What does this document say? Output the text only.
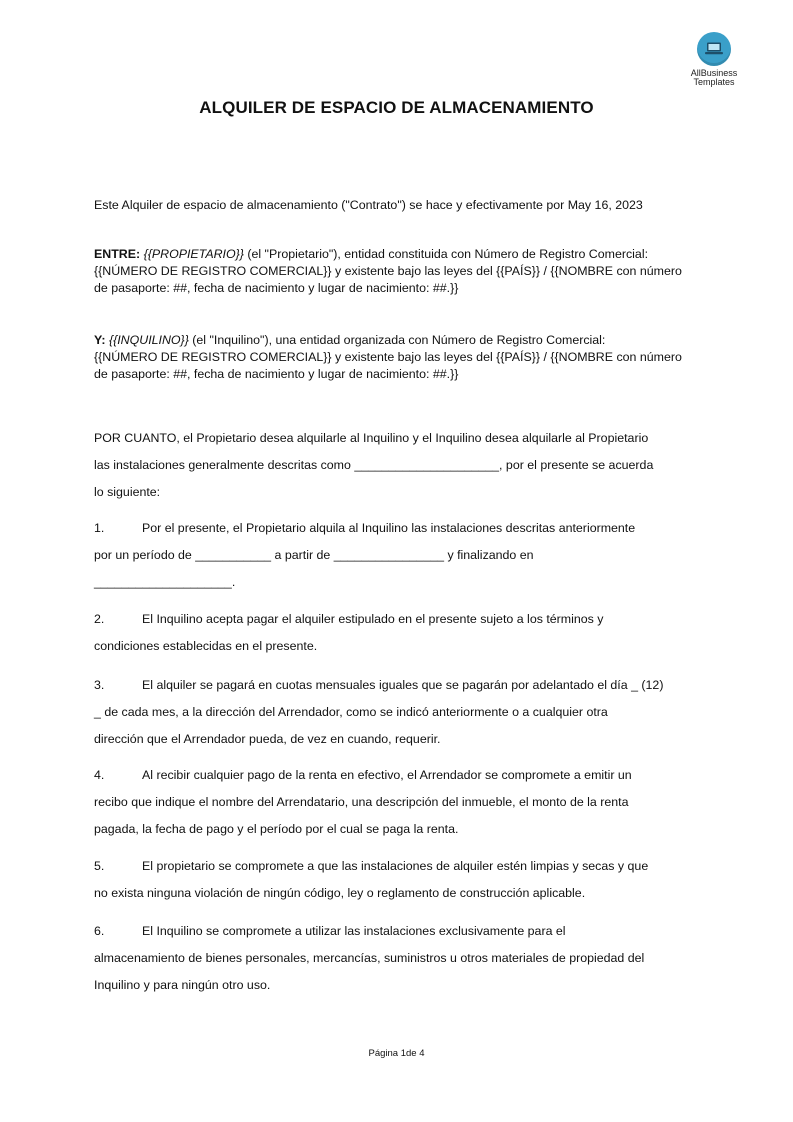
AllBusiness
Templates
ALQUILER DE ESPACIO DE ALMACENAMIENTO
Este Alquiler de espacio de almacenamiento ("Contrato") se hace y efectivamente por May 16, 2023
ENTRE: {{PROPIETARIO}} (el "Propietario"), entidad constituida con Número de Registro Comercial:
{{NÚMERO DE REGISTRO COMERCIAL}} y existente bajo las leyes del {{PAÍS}} / {{NOMBRE con número
de pasaporte: ##, fecha de nacimiento y lugar de nacimiento: ##.}}
Y: {{INQUILINO}} (el "Inquilino"), una entidad organizada con Número de Registro Comercial:
{{NÚMERO DE REGISTRO COMERCIAL}} y existente bajo las leyes del {{PAÍS}} / {{NOMBRE con número
de pasaporte: ##, fecha de nacimiento y lugar de nacimiento: ##.}}
POR CUANTO, el Propietario desea alquilarle al Inquilino y el Inquilino desea alquilarle al Propietario
las instalaciones generalmente descritas como _____________________, por el presente se acuerda
lo siguiente:
1.	Por el presente, el Propietario alquila al Inquilino las instalaciones descritas anteriormente
por un período de ___________ a partir de ________________ y finalizando en
____________________.
2.	El Inquilino acepta pagar el alquiler estipulado en el presente sujeto a los términos y
condiciones establecidas en el presente.
3.	El alquiler se pagará en cuotas mensuales iguales que se pagarán por adelantado el día _ (12)
_ de cada mes, a la dirección del Arrendador, como se indicó anteriormente o a cualquier otra
dirección que el Arrendador pueda, de vez en cuando, requerir.
4.	Al recibir cualquier pago de la renta en efectivo, el Arrendador se compromete a emitir un
recibo que indique el nombre del Arrendatario, una descripción del inmueble, el monto de la renta
pagada, la fecha de pago y el período por el cual se paga la renta.
5.	El propietario se compromete a que las instalaciones de alquiler estén limpias y secas y que
no exista ninguna violación de ningún código, ley o reglamento de construcción aplicable.
6.	El Inquilino se compromete a utilizar las instalaciones exclusivamente para el
almacenamiento de bienes personales, mercancías, suministros u otros materiales de propiedad del
Inquilino y para ningún otro uso.
Página 1de 4
